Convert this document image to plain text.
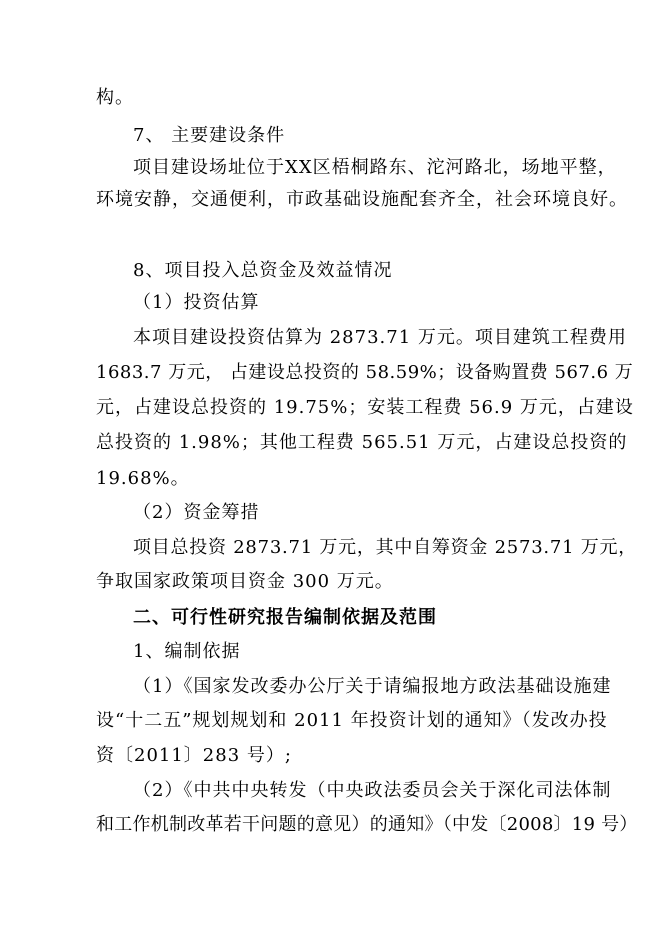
构。
7、 主要建设条件
项目建设场址位于XX区梧桐路东、沱河路北，场地平整，
环境安静，交通便利，市政基础设施配套齐全，社会环境良好。
8、项目投入总资金及效益情况
（1）投资估算
本项目建设投资估算为 2873.71 万元。项目建筑工程费用
1683.7 万元， 占建设总投资的 58.59%；设备购置费 567.6 万
元，占建设总投资的 19.75%；安装工程费 56.9 万元，占建设
总投资的 1.98%；其他工程费 565.51 万元，占建设总投资的
19.68%。
（2）资金筹措
项目总投资 2873.71 万元，其中自筹资金 2573.71 万元，
争取国家政策项目资金 300 万元。
二、可行性研究报告编制依据及范围
1、编制依据
（1）《国家发改委办公厅关于请编报地方政法基础设施建
设“十二五”规划规划和 2011 年投资计划的通知》（发改办投
资〔2011〕283 号）;
（2）《中共中央转发（中央政法委员会关于深化司法体制
和工作机制改革若干问题的意见）的通知》（中发〔2008〕19 号）
